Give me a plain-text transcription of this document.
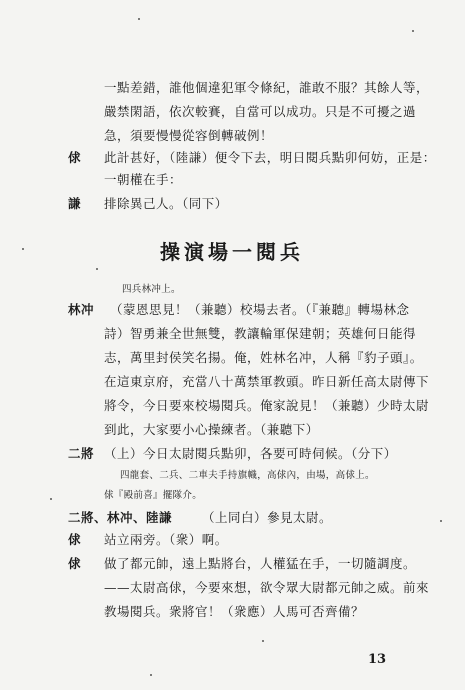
一點差錯，誰他個違犯軍令條紀，誰敢不服？其餘人等，
嚴禁閑語，依次較賽，自當可以成功。只是不可擾之過
急，須要慢慢從容倒轉破例！
俅 此計甚好，（陸謙）便令下去，明日閱兵點卯何妨，正是：
一朝權在手：
謙 排除異己人。（同下）
操演場一閱兵
四兵林冲上。
林冲 （蒙恩思見！（兼聽）校場去者。（『兼聽』轉場林念
詩）智勇兼全世無雙，教讓輪軍保建朝；英雄何日能得
志，萬里封侯笑名揚。俺，姓林名冲，人稱『豹子頭』。
在這東京府，充當八十萬禁軍教頭。昨日新任高太尉傳下
將令，今日要來校場閱兵。俺家說見！（兼聽）少時太尉
到此，大家要小心操練者。（兼聽下）
二將 （上）今日太尉閱兵點卯，各要可時伺候。（分下）
四龍套、二兵、二車夫手持旗幟，高俅內，由場，高俅上。
俅『殿前喜』擺隊介。
二將、林冲、陸謙 （上同白）參見太尉。
俅 站立兩旁。（衆）啊。
俅 做了都元帥，遠上點將台，人權猛在手，一切隨調度。
——太尉高俅，今要來想，欲令眾大尉都元帥之威。前來
教場閱兵。衆將官！（衆應）人馬可否齊備？
13
